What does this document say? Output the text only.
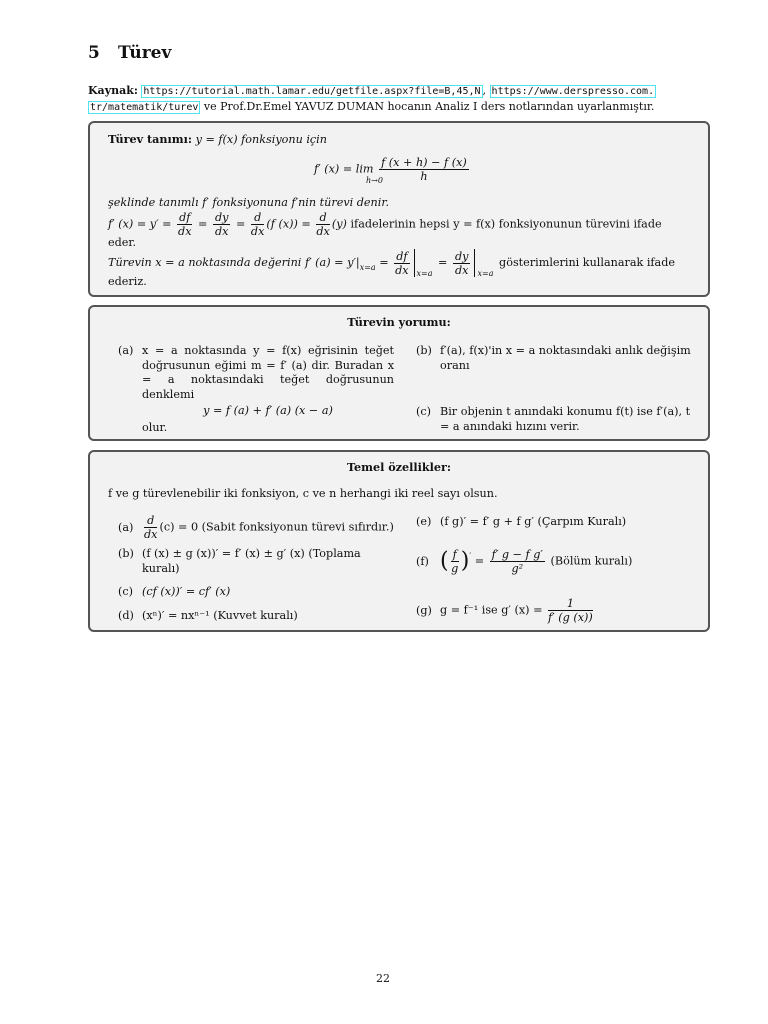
5 Türev
Kaynak: https://tutorial.math.lamar.edu/getfile.aspx?file=B,45,N , https://www.derspresso.com.
tr/matematik/turev ve Prof.Dr.Emel YAVUZ DUMAN hocanın Analiz I ders notlarından uyarlanmıştır.
Türev tanımı: y = f(x) fonksiyonu için
f′ $(x) = \lim \frac{f (x + h) - f (x)}{h}$
h→0
şeklinde tanımlı f′ fonksiyonuna f′nin türevi denir.
f′ $(x) = y' = \frac{df}{dx} = \frac{dy}{dx} = \frac{d}{dx} (f$ $(x)) = \frac{d}{dx} (y)$ ifadelerinin hepsi y = f(x) fonksiyonunun türevini ifade
eder.
Türevin x = a noktasında değerini f′ $(a) = y'|_{x=a} = \frac{df}{dx} x=a$
= $\frac{dy}{dx} x=a$
gösterimlerini kullanarak ifade
ederiz.
Türevin yorumu:
(a) x = a noktasında y = f(x) eğrisinin teğet doğrusunun eğimi m = f′ (a) dir. Buradan x = a noktasındaki teğet doğrusunun denklemi
y = f (a) + f′ (a) (x − a)
olur.
(b) f′(a), f(x)'in x = a noktasındaki anlık değişim oranı
(c) Bir objenin t anındaki konumu f(t) ise f′(a), t = a anındaki hızını verir.
Temel özellikler:
f ve g türevlenebilir iki fonksiyon, c ve n herhangi iki reel sayı olsun.
$(a) \frac{d}{dx} (c) = 0$ (Sabit fonksiyonun türevi sıfırdır.)
(b) (f (x) ± g (x))′ = f′ (x) ± g′ (x) (Toplama kuralı)
(c) (cf (x))′ = cf′ (x)
(d) (xⁿ)′ = nxⁿ⁻¹ (Kuvvet kuralı)
(e) (f g)′ = f′ g + f g′ (Çarpım Kuralı)
(f) ( $\frac{f}{g} )' = \frac{\text{f′ g − f g′}}{\text{g²}}$ (Bölüm kuralı)
(g) g = f⁻¹ ise g′ $(x) = \frac{1}{f' (g (x))}$
22
